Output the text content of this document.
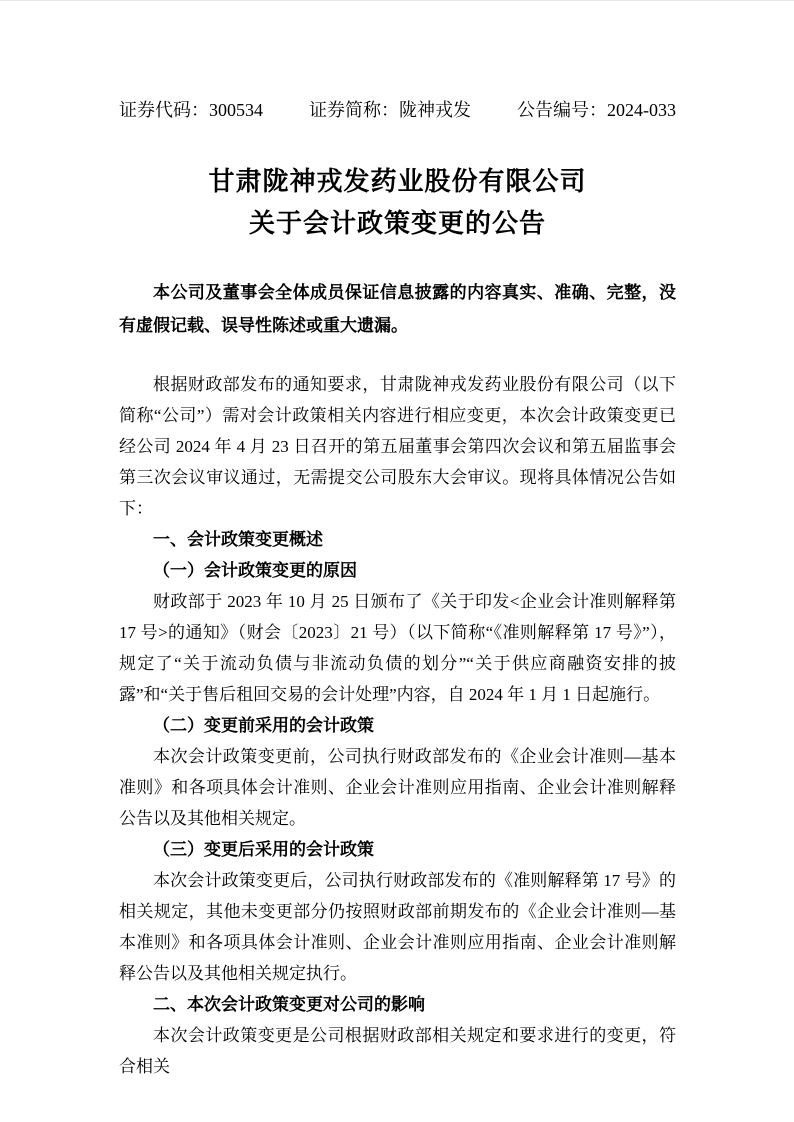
证券代码：300534	证券简称：陇神戎发	公告编号：2024-033
甘肃陇神戎发药业股份有限公司
关于会计政策变更的公告
本公司及董事会全体成员保证信息披露的内容真实、准确、完整，没有虚假记载、误导性陈述或重大遗漏。
根据财政部发布的通知要求，甘肃陇神戎发药业股份有限公司（以下简称“公司”）需对会计政策相关内容进行相应变更，本次会计政策变更已经公司 2024 年 4 月 23 日召开的第五届董事会第四次会议和第五届监事会第三次会议审议通过，无需提交公司股东大会审议。现将具体情况公告如下：
一、会计政策变更概述
（一）会计政策变更的原因
财政部于 2023 年 10 月 25 日颁布了《关于印发<企业会计准则解释第 17 号>的通知》（财会〔2023〕21 号）（以下简称“《准则解释第 17 号》”），规定了“关于流动负债与非流动负债的划分”“关于供应商融资安排的披露”和“关于售后租回交易的会计处理”内容，自 2024 年 1 月 1 日起施行。
（二）变更前采用的会计政策
本次会计政策变更前，公司执行财政部发布的《企业会计准则—基本准则》和各项具体会计准则、企业会计准则应用指南、企业会计准则解释公告以及其他相关规定。
（三）变更后采用的会计政策
本次会计政策变更后，公司执行财政部发布的《准则解释第 17 号》的相关规定，其他未变更部分仍按照财政部前期发布的《企业会计准则—基本准则》和各项具体会计准则、企业会计准则应用指南、企业会计准则解释公告以及其他相关规定执行。
二、本次会计政策变更对公司的影响
本次会计政策变更是公司根据财政部相关规定和要求进行的变更，符合相关
